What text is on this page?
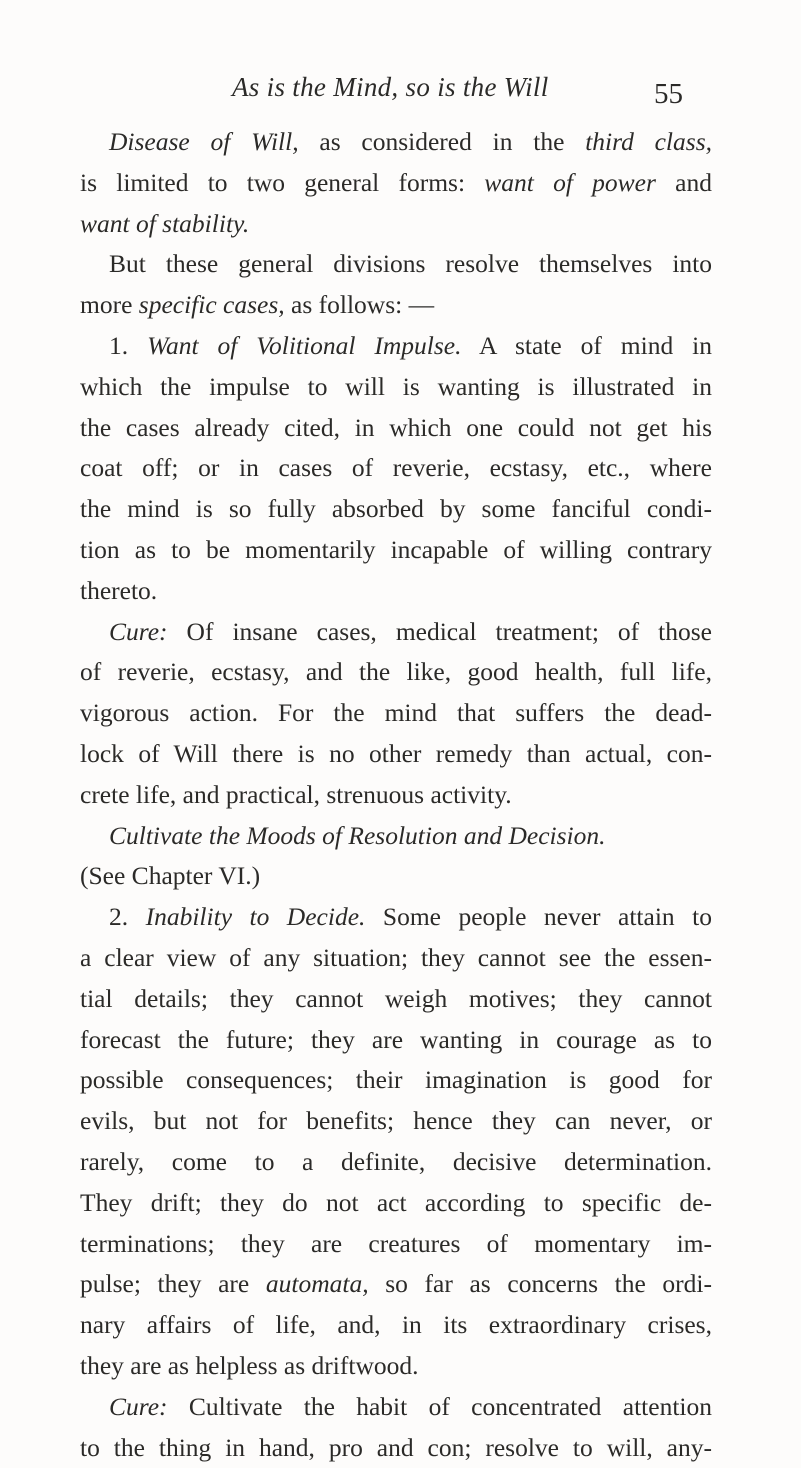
As is the Mind, so is the Will	55
Disease of Will, as considered in the third class,
is limited to two general forms: want of power and
want of stability.
But these general divisions resolve themselves into
more specific cases, as follows: —
1. Want of Volitional Impulse. A state of mind in
which the impulse to will is wanting is illustrated in
the cases already cited, in which one could not get his
coat off; or in cases of reverie, ecstasy, etc., where
the mind is so fully absorbed by some fanciful condi-
tion as to be momentarily incapable of willing contrary
thereto.
Cure: Of insane cases, medical treatment; of those
of reverie, ecstasy, and the like, good health, full life,
vigorous action. For the mind that suffers the dead-
lock of Will there is no other remedy than actual, con-
crete life, and practical, strenuous activity.
Cultivate the Moods of Resolution and Decision.
(See Chapter VI.)
2. Inability to Decide. Some people never attain to
a clear view of any situation; they cannot see the essen-
tial details; they cannot weigh motives; they cannot
forecast the future; they are wanting in courage as to
possible consequences; their imagination is good for
evils, but not for benefits; hence they can never, or
rarely, come to a definite, decisive determination.
They drift; they do not act according to specific de-
terminations; they are creatures of momentary im-
pulse; they are automata, so far as concerns the ordi-
nary affairs of life, and, in its extraordinary crises,
they are as helpless as driftwood.
Cure: Cultivate the habit of concentrated attention
to the thing in hand, pro and con; resolve to will, any-
